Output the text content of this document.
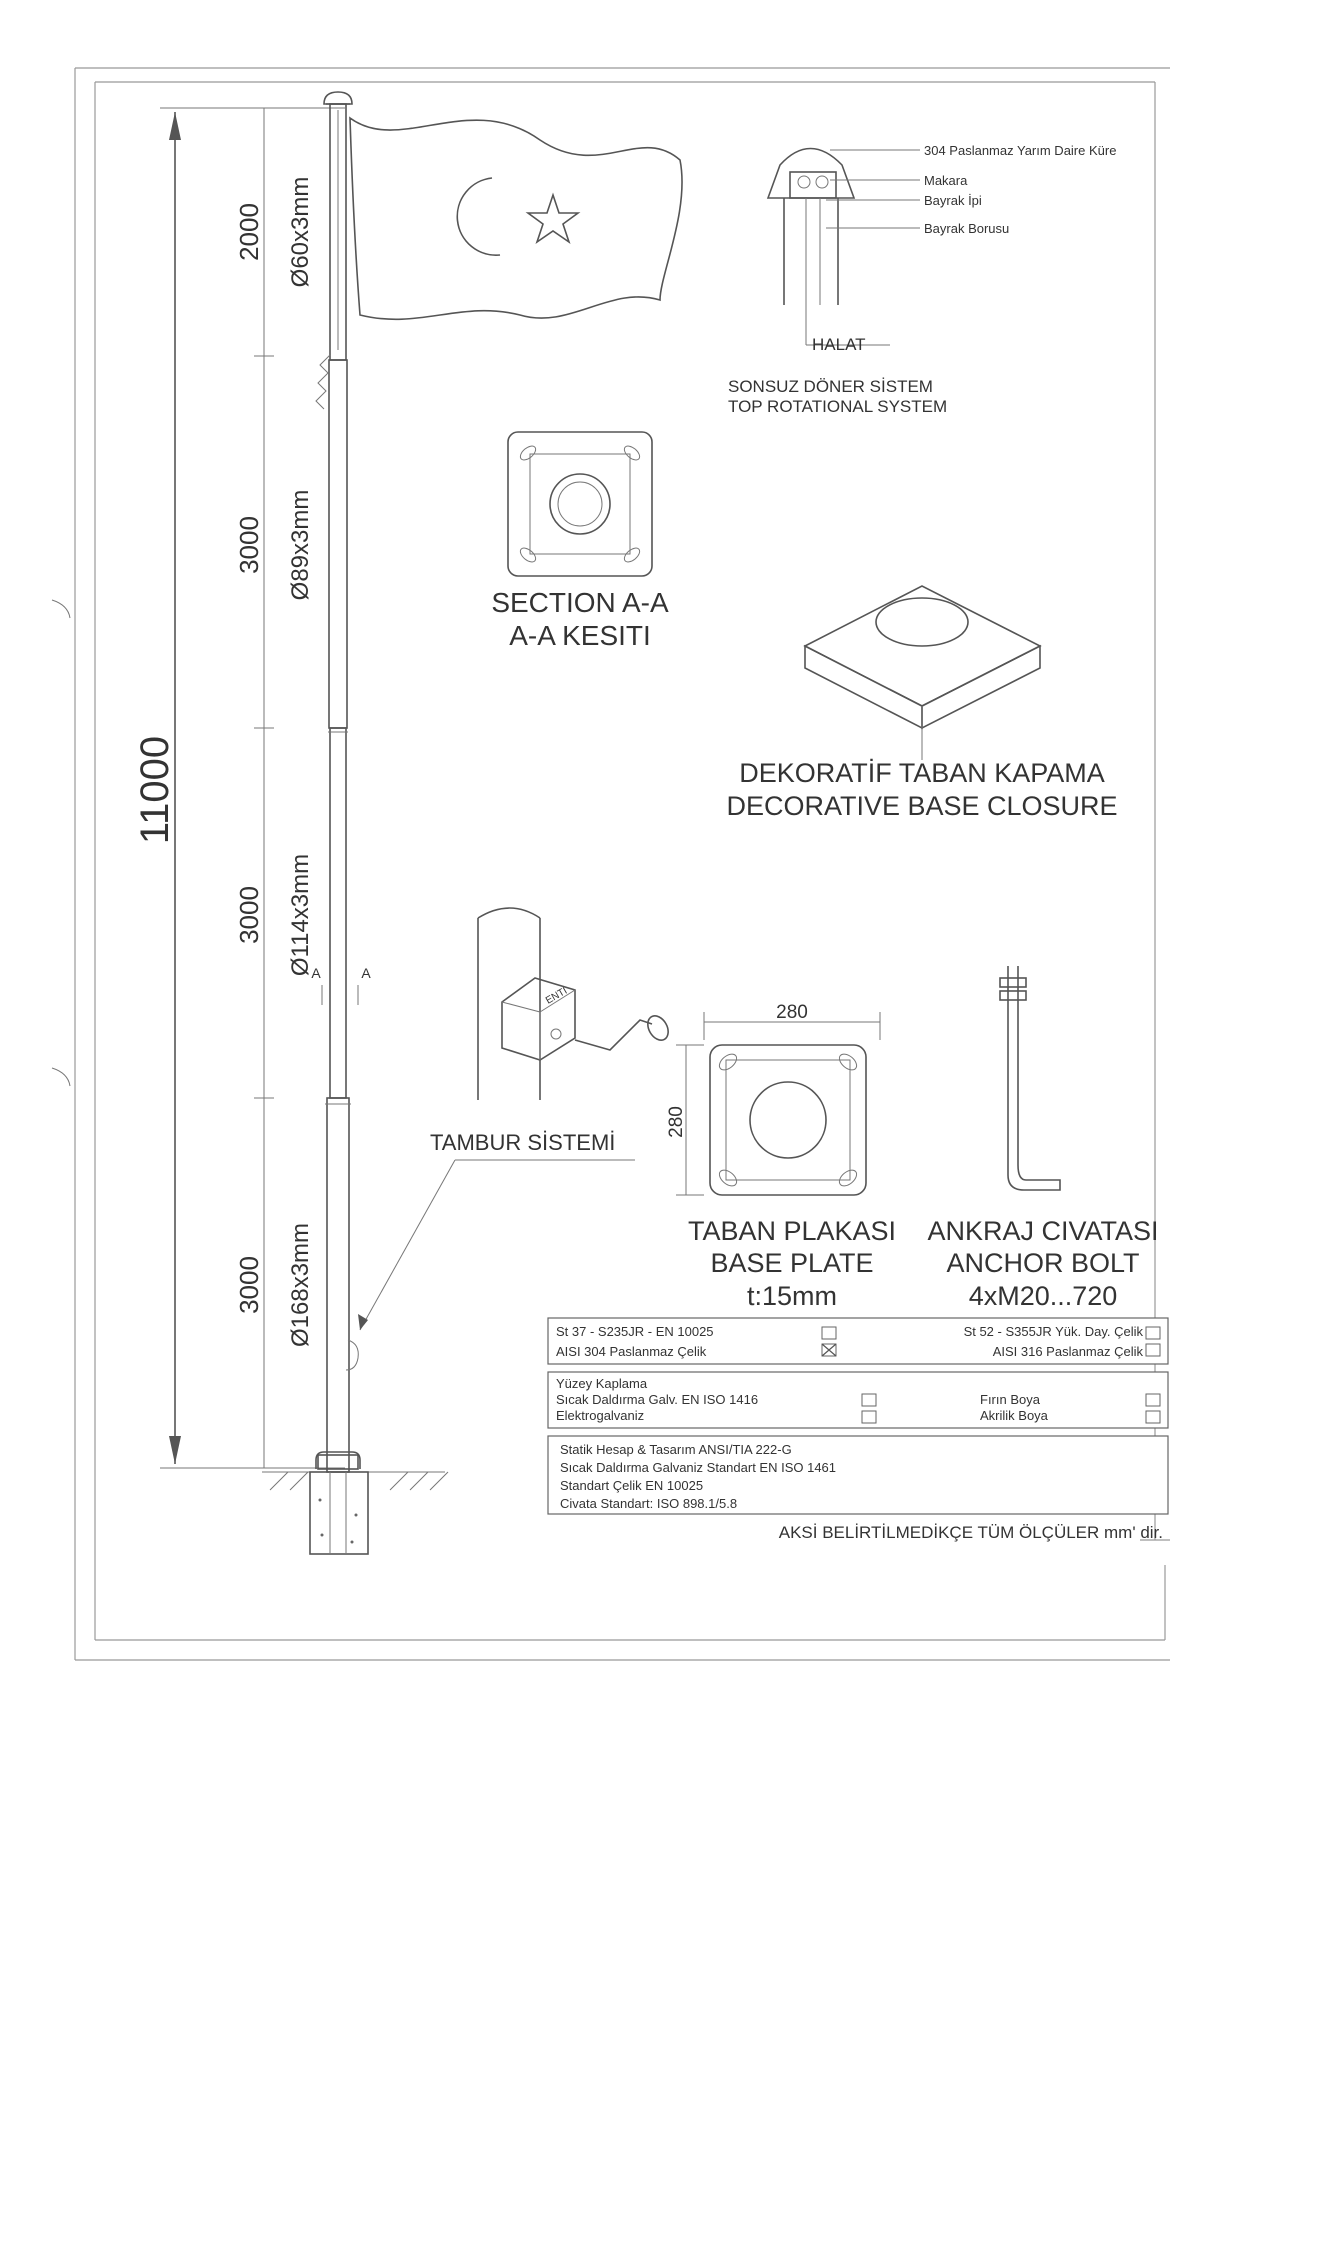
11000
2000 Ø60x3mm
3000 Ø89x3mm
3000 Ø114x3mm
3000 Ø168x3mm
A	A
304 Paslanmaz Yarım Daire Küre
Makara
Bayrak İpi
Bayrak Borusu
HALAT
SONSUZ DÖNER SİSTEM
TOP ROTATIONAL SYSTEM
SECTION A-A
A-A KESITI
DEKORATİF TABAN KAPAMA
DECORATIVE BASE CLOSURE
ENTI
TAMBUR SİSTEMİ
280
280
TABAN PLAKASI
BASE PLATE
t:15mm
ANKRAJ CIVATASI
ANCHOR BOLT
4xM20...720
St 37 - S235JR - EN 10025
AISI 304 Paslanmaz Çelik
St 52 - S355JR Yük. Day. Çelik
AISI 316 Paslanmaz Çelik
Yüzey Kaplama
Sıcak Daldırma Galv. EN ISO 1416
Elektrogalvaniz
Fırın Boya
Akrilik Boya
Statik Hesap & Tasarım ANSI/TIA 222-G
Sıcak Daldırma Galvaniz Standart EN ISO 1461
Standart Çelik EN 10025
Civata Standart: ISO 898.1/5.8
AKSİ BELİRTİLMEDİKÇE TÜM ÖLÇÜLER mm' dir.
